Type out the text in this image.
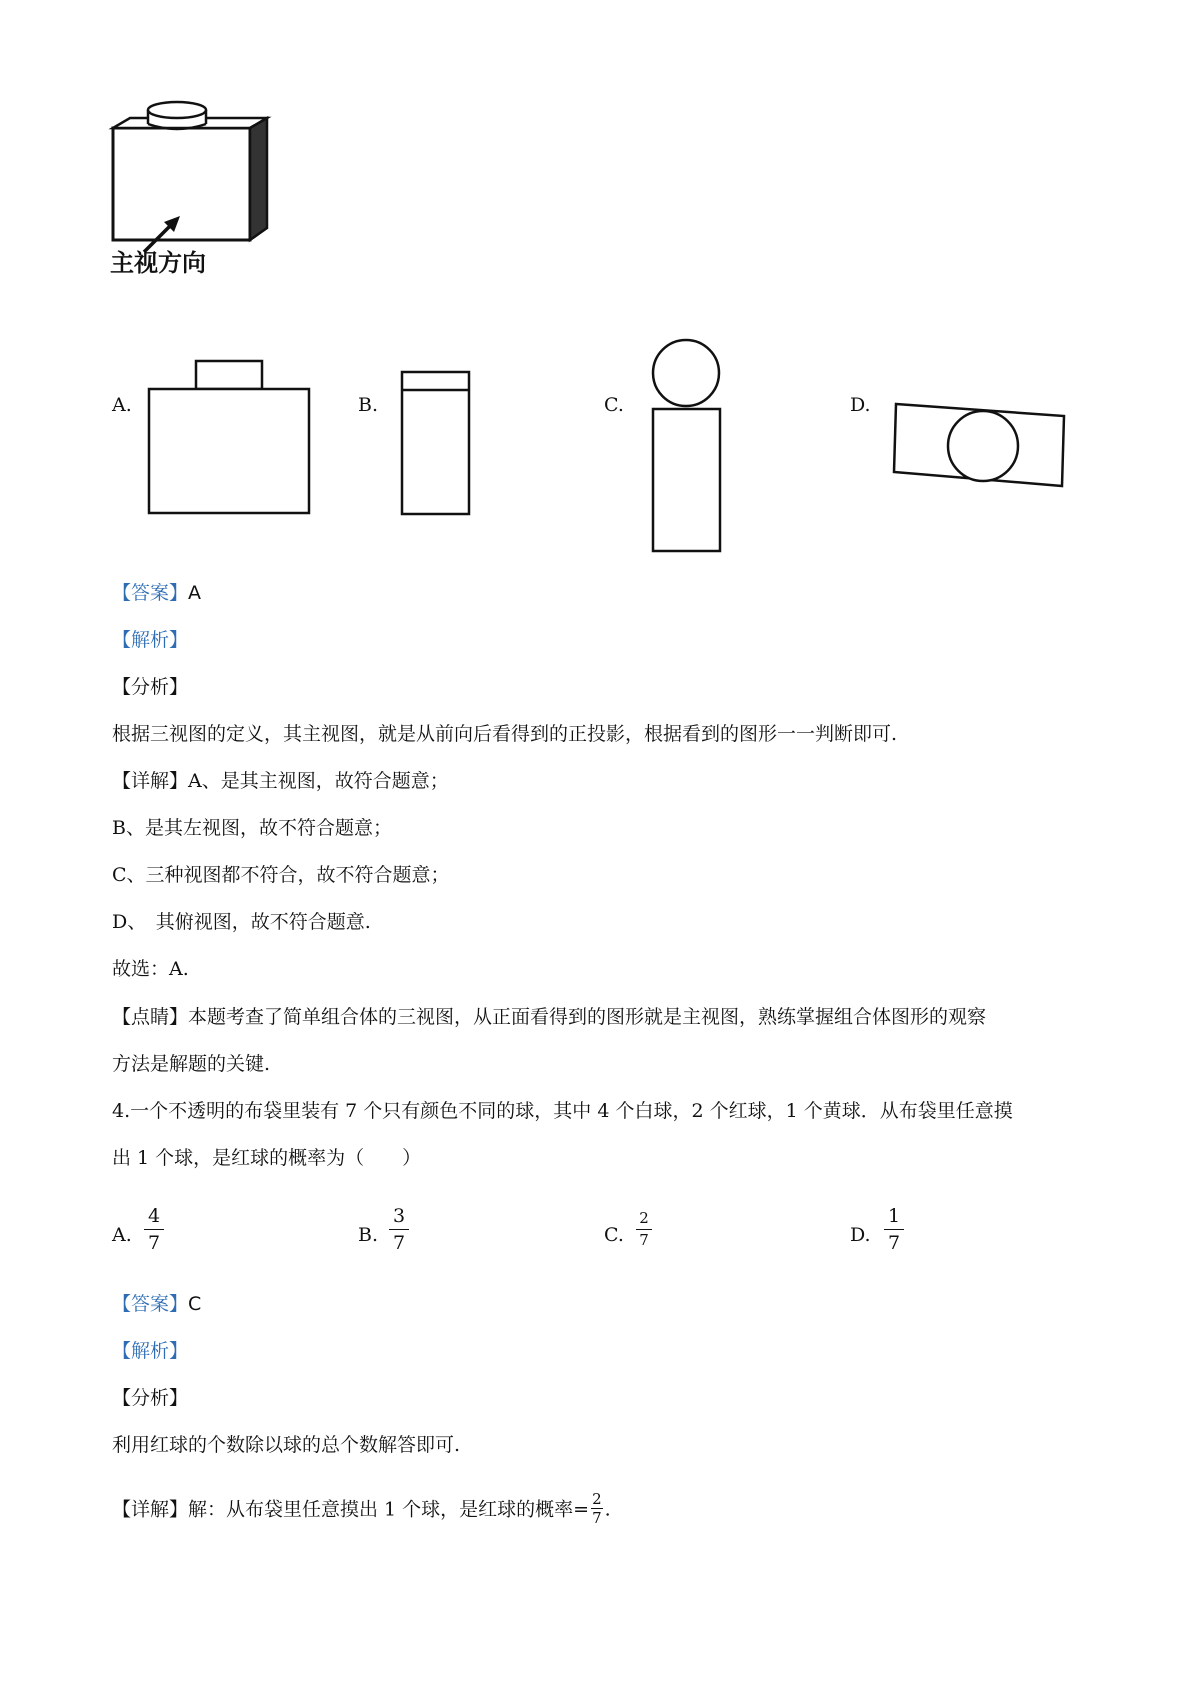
主视方向
A.	B.	C.	D.
【答案】A
【解析】
【分析】
根据三视图的定义，其主视图，就是从前向后看得到的正投影，根据看到的图形一一判断即可.
【详解】A、是其主视图，故符合题意；
B、是其左视图，故不符合题意；
C、三种视图都不符合，故不符合题意；
D、　其俯视图，故不符合题意.
故选：A.
【点睛】本题考查了简单组合体的三视图，从正面看得到的图形就是主视图，熟练掌握组合体图形的观察
方法是解题的关键.
4.一个不透明的布袋里装有 7 个只有颜色不同的球，其中 4 个白球，2 个红球，1 个黄球．从布袋里任意摸
出 1 个球，是红球的概率为（　　）
A. $\frac{4}{7}$	B. $\frac{3}{7}$	C. $\frac{2}{7}$	D. $\frac{1}{7}$
【答案】C
【解析】
【分析】
利用红球的个数除以球的总个数解答即可.
【详解】解：从布袋里任意摸出 1 个球，是红球的概率= $\frac{2}{7}$ .
